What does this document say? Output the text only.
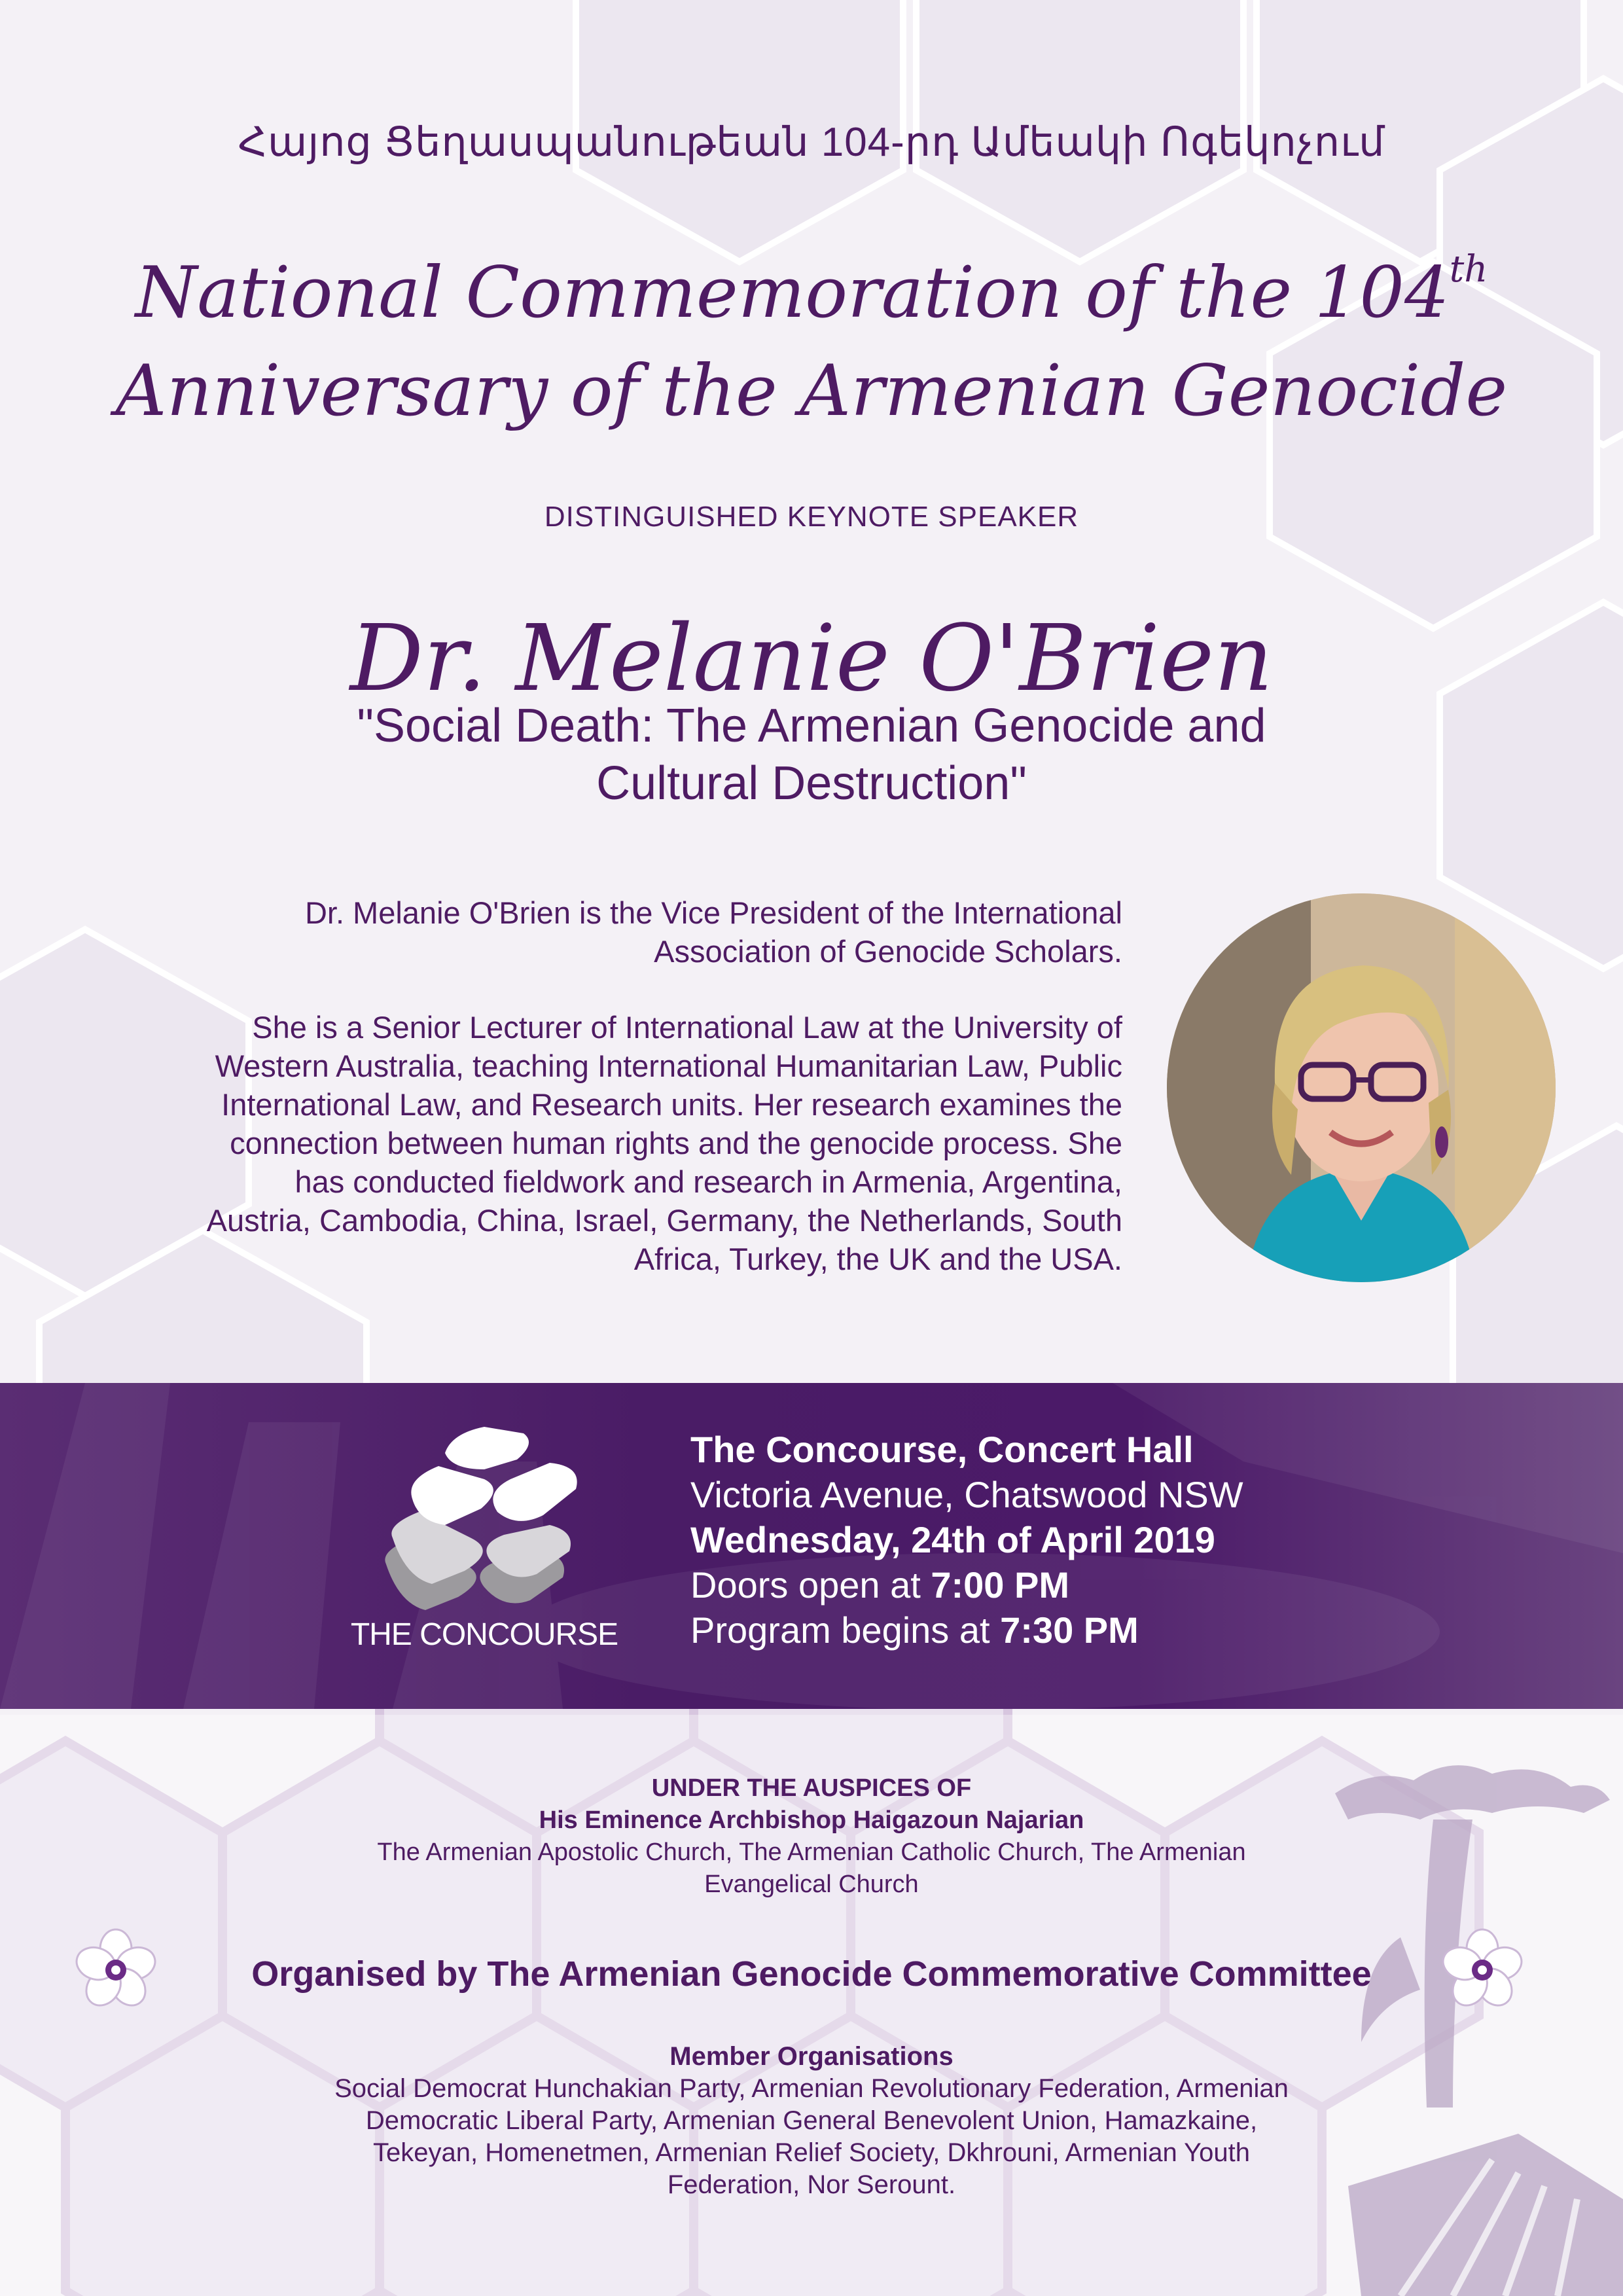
Հայոց Ցեղասպանութեան 104-րդ Ամեակի Ոգեկոչում
National Commemoration of the 104th
Anniversary of the Armenian Genocide
DISTINGUISHED KEYNOTE SPEAKER
Dr. Melanie O'Brien
"Social Death: The Armenian Genocide and
Cultural Destruction"
Dr. Melanie O'Brien is the Vice President of the International
Association of Genocide Scholars.
She is a Senior Lecturer of International Law at the University of
Western Australia, teaching International Humanitarian Law, Public
International Law, and Research units. Her research examines the
connection between human rights and the genocide process. She
has conducted fieldwork and research in Armenia, Argentina,
Austria, Cambodia, China, Israel, Germany, the Netherlands, South
Africa, Turkey, the UK and the USA.
THE CONCOURSE
The Concourse, Concert Hall
Victoria Avenue, Chatswood NSW
Wednesday, 24th of April 2019
Doors open at 7:00 PM
Program begins at 7:30 PM
UNDER THE AUSPICES OF
His Eminence Archbishop Haigazoun Najarian
The Armenian Apostolic Church, The Armenian Catholic Church, The Armenian
Evangelical Church
Organised by The Armenian Genocide Commemorative Committee
Member Organisations
Social Democrat Hunchakian Party, Armenian Revolutionary Federation, Armenian
Democratic Liberal Party, Armenian General Benevolent Union, Hamazkaine,
Tekeyan, Homenetmen, Armenian Relief Society, Dkhrouni, Armenian Youth
Federation, Nor Serount.
